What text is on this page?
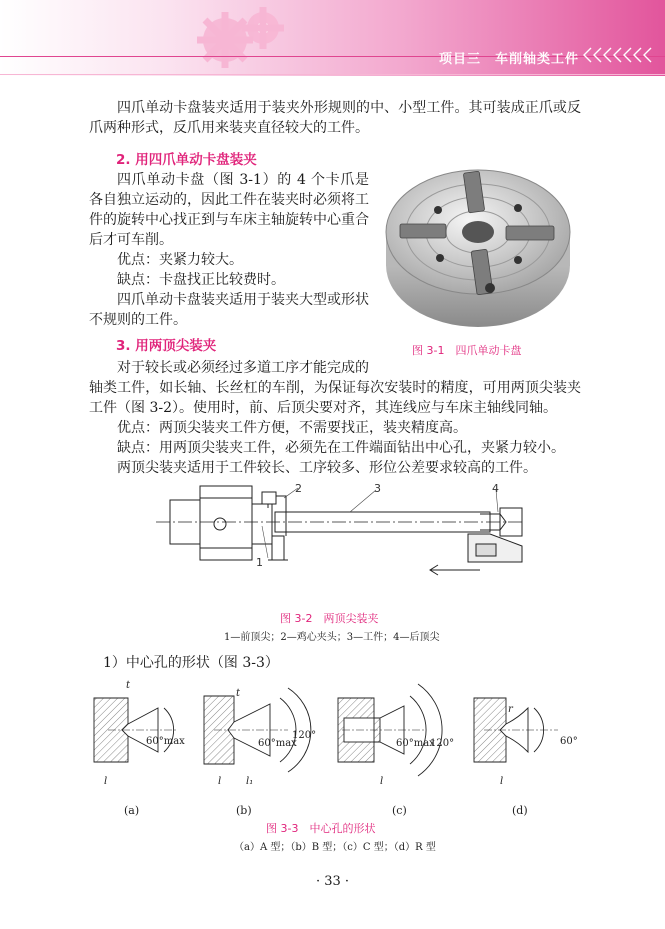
项目三 车削轴类工件

四爪单动卡盘装夹适用于装夹外形规则的中、小型工件。其可装成正爪或反爪两种形式，反爪用来装夹直径较大的工件。

2. 用四爪单动卡盘装夹

四爪单动卡盘（图 3-1）的 4 个卡爪是各自独立运动的，因此工件在装夹时必须将工件的旋转中心找正到与车床主轴旋转中心重合后才可车削。

优点：夹紧力较大。

缺点：卡盘找正比较费时。

四爪单动卡盘装夹适用于装夹大型或形状不规则的工件。

3. 用两顶尖装夹

对于较长或必须经过多道工序才能完成的

轴类工件，如长轴、长丝杠的车削，为保证每次安装时的精度，可用两顶尖装夹工件（图 3-2）。使用时，前、后顶尖要对齐，其连线应与车床主轴线同轴。

优点：两顶尖装夹工件方便，不需要找正，装夹精度高。

缺点：用两顶尖装夹工件，必须先在工件端面钻出中心孔，夹紧力较小。

两顶尖装夹适用于工件较长、工序较多、形位公差要求较高的工件。

图 3-1　四爪单动卡盘
1
2	3	4
图 3-2　两顶尖装夹
1—前顶尖；2—鸡心夹头；3—工件；4—后顶尖

1）中心孔的形状（图 3-3）

t
60°max
l
t
60°max
120°
l l₁
60°max
120°
l
r
60°
l
(a)	(b)	(c)	(d)
图 3-3　中心孔的形状
（a）A 型；（b）B 型；（c）C 型；（d）R 型
· 33 ·
